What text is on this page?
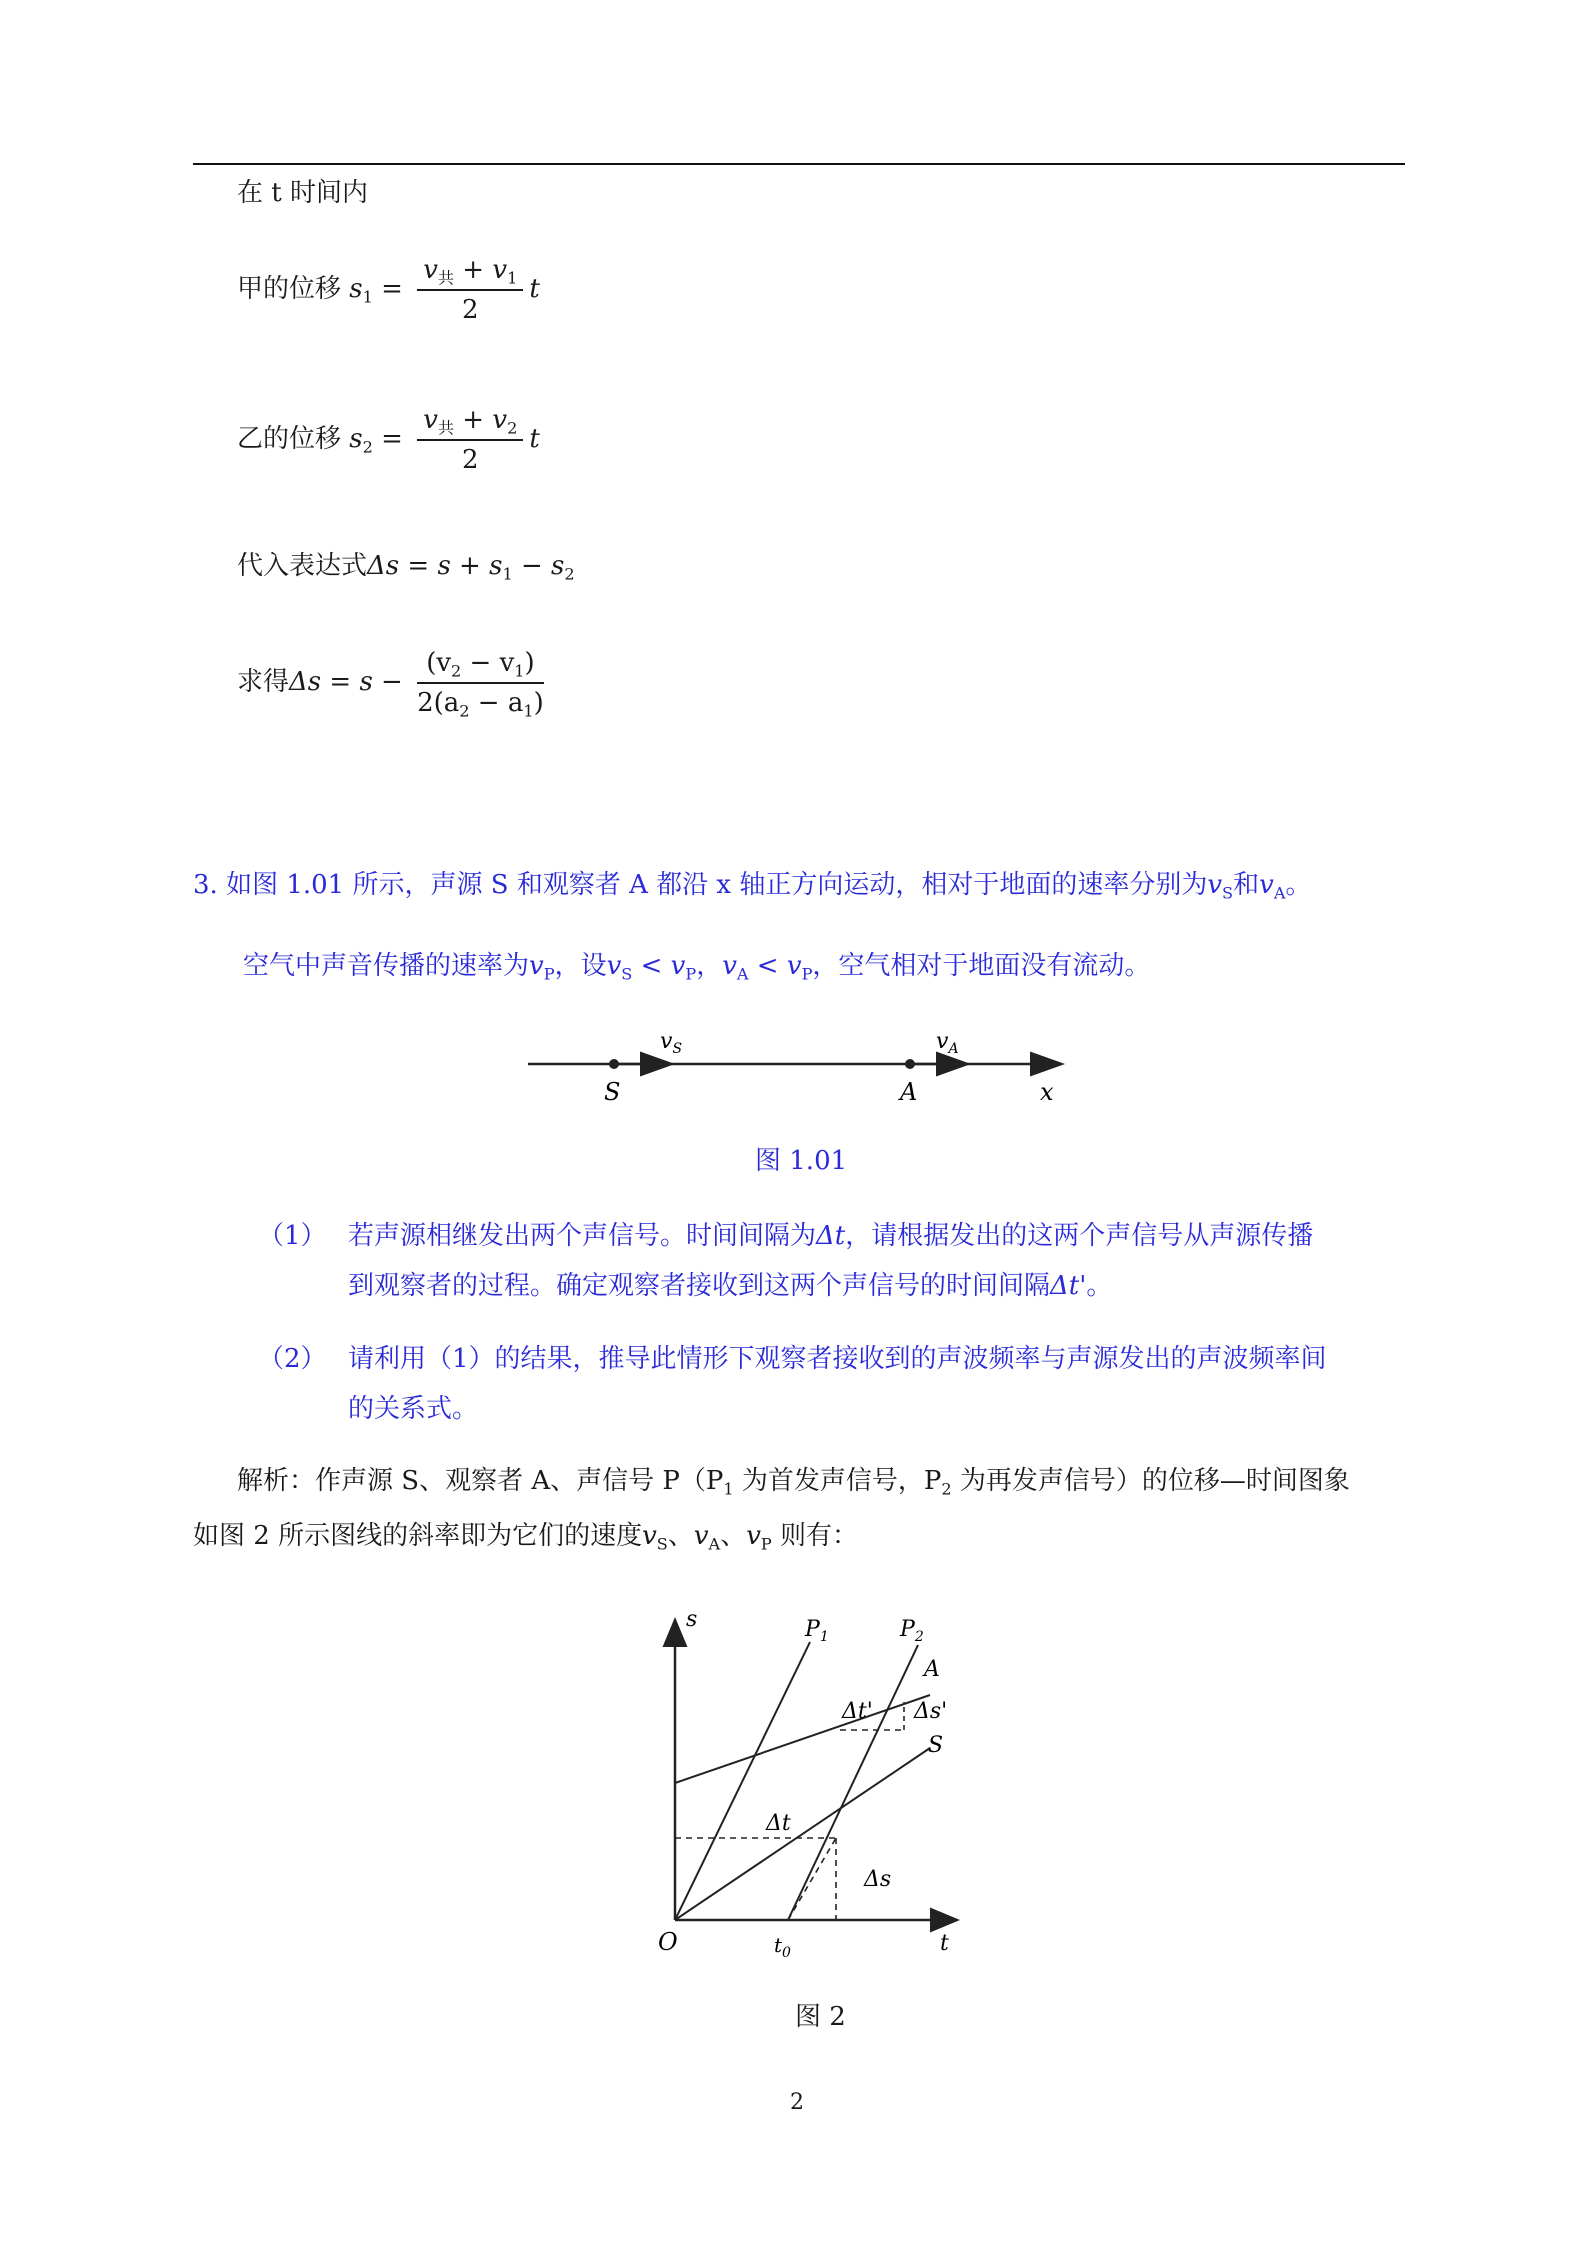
在 t 时间内
甲的位移 $s_1 = \frac{v_共 + v_1}{2}$ t
乙的位移 $s_2 = \frac{v_共 + v_2}{2}$ t
代入表达式$\Delta s = s + s_1 - s_2$
求得$\Delta s = s - \frac{(v_2 - v_1)}{2(a_2 - a_1)}$
3. 如图 1.01 所示，声源 S 和观察者 A 都沿 x 轴正方向运动，相对于地面的速率分别为$v_S$和$v_A$。
空气中声音传播的速率为$v_P$，设$v_S < v_P$，$v_A < v_P$，空气相对于地面没有流动。
$v_S$	$v_A$
S	A	x
图 1.01
（1） 若声源相继发出两个声信号。时间间隔为Δt，请根据发出的这两个声信号从声源传播
到观察者的过程。确定观察者接收到这两个声信号的时间间隔Δt'。
（2） 请利用（1）的结果，推导此情形下观察者接收到的声波频率与声源发出的声波频率间
的关系式。
解析：作声源 S、观察者 A、声信号 $P(P_1$ 为首发声信号，$P_2$ 为再发声信号）的位移—时间图象
如图 2 所示图线的斜率即为它们的速度$v_S$、$v_A$、$v_P$ 则有：
s
t
O	$t_0$
$P_1$	$P_2$
A
S
Δt
Δt' Δs'
Δs
图 2
2
